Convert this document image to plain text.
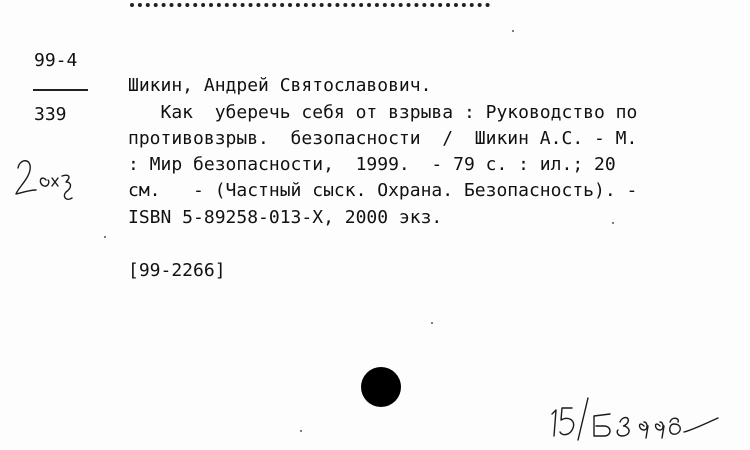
99-4
339
Шикин, Андрей Святославович.
Как  уберечь себя от взрыва : Руководство по
противовзрыв.  безопасности  /  Шикин А.С. - М.
: Мир безопасности,  1999.  - 79 с. : ил.; 20
см.   - (Частный сыск. Охрана. Безопасность). -
ISBN 5-89258-013-X, 2000 экз.
[99-2266]
